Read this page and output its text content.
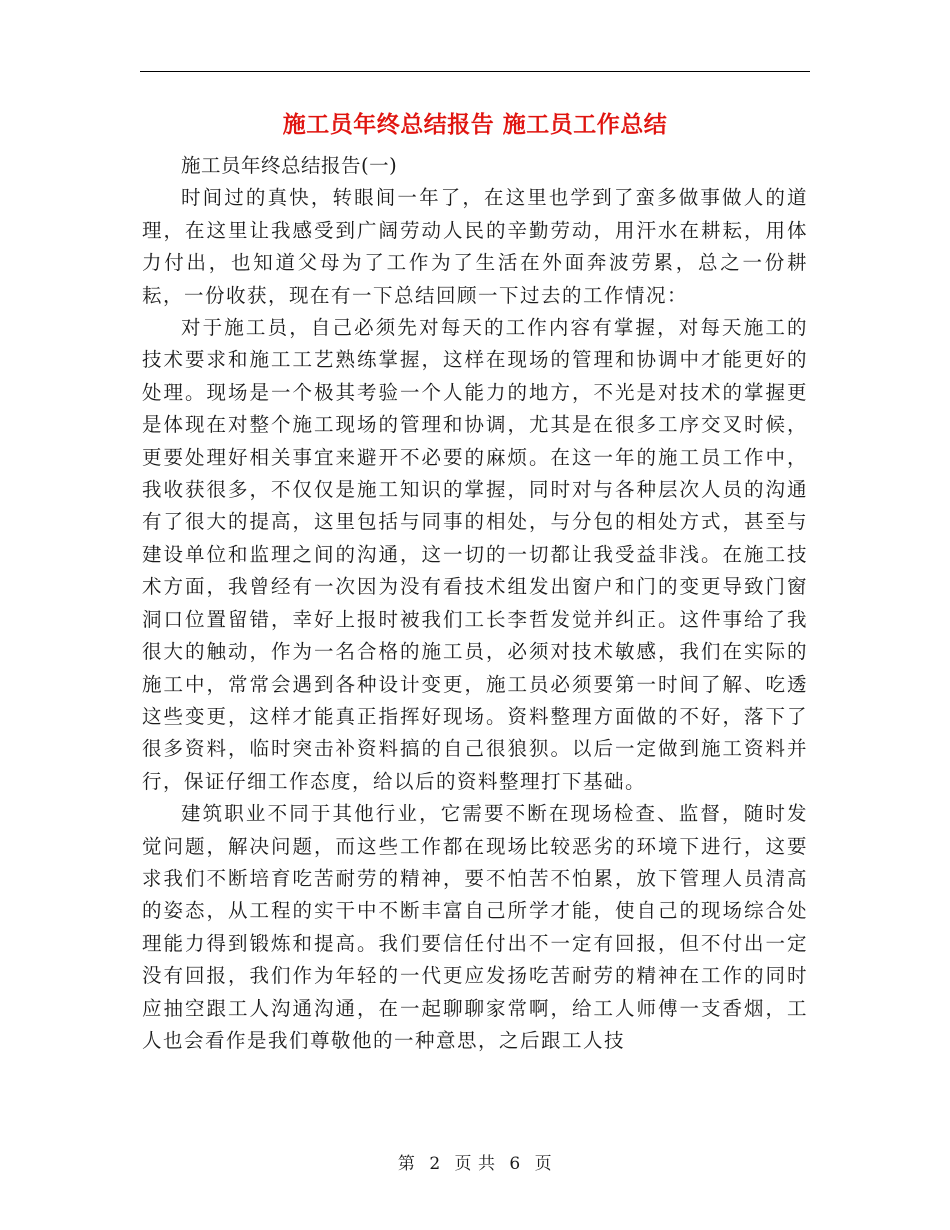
施工员年终总结报告 施工员工作总结

施工员年终总结报告(一)

时间过的真快，转眼间一年了，在这里也学到了蛮多做事做人的道理，在这里让我感受到广阔劳动人民的辛勤劳动，用汗水在耕耘，用体力付出，也知道父母为了工作为了生活在外面奔波劳累，总之一份耕耘，一份收获，现在有一下总结回顾一下过去的工作情况：

对于施工员，自己必须先对每天的工作内容有掌握，对每天施工的技术要求和施工工艺熟练掌握，这样在现场的管理和协调中才能更好的处理。现场是一个极其考验一个人能力的地方，不光是对技术的掌握更是体现在对整个施工现场的管理和协调，尤其是在很多工序交叉时候，更要处理好相关事宜来避开不必要的麻烦。在这一年的施工员工作中，我收获很多，不仅仅是施工知识的掌握，同时对与各种层次人员的沟通有了很大的提高，这里包括与同事的相处，与分包的相处方式，甚至与建设单位和监理之间的沟通，这一切的一切都让我受益非浅。在施工技术方面，我曾经有一次因为没有看技术组发出窗户和门的变更导致门窗洞口位置留错，幸好上报时被我们工长李哲发觉并纠正。这件事给了我很大的触动，作为一名合格的施工员，必须对技术敏感，我们在实际的施工中，常常会遇到各种设计变更，施工员必须要第一时间了解、吃透这些变更，这样才能真正指挥好现场。资料整理方面做的不好，落下了很多资料，临时突击补资料搞的自己很狼狈。以后一定做到施工资料并行，保证仔细工作态度，给以后的资料整理打下基础。

建筑职业不同于其他行业，它需要不断在现场检查、监督，随时发觉问题，解决问题，而这些工作都在现场比较恶劣的环境下进行，这要求我们不断培育吃苦耐劳的精神，要不怕苦不怕累，放下管理人员清高的姿态，从工程的实干中不断丰富自己所学才能，使自己的现场综合处理能力得到锻炼和提高。我们要信任付出不一定有回报，但不付出一定没有回报，我们作为年轻的一代更应发扬吃苦耐劳的精神在工作的同时应抽空跟工人沟通沟通，在一起聊聊家常啊，给工人师傅一支香烟，工人也会看作是我们尊敬他的一种意思，之后跟工人技

第 2 页 共 6 页
